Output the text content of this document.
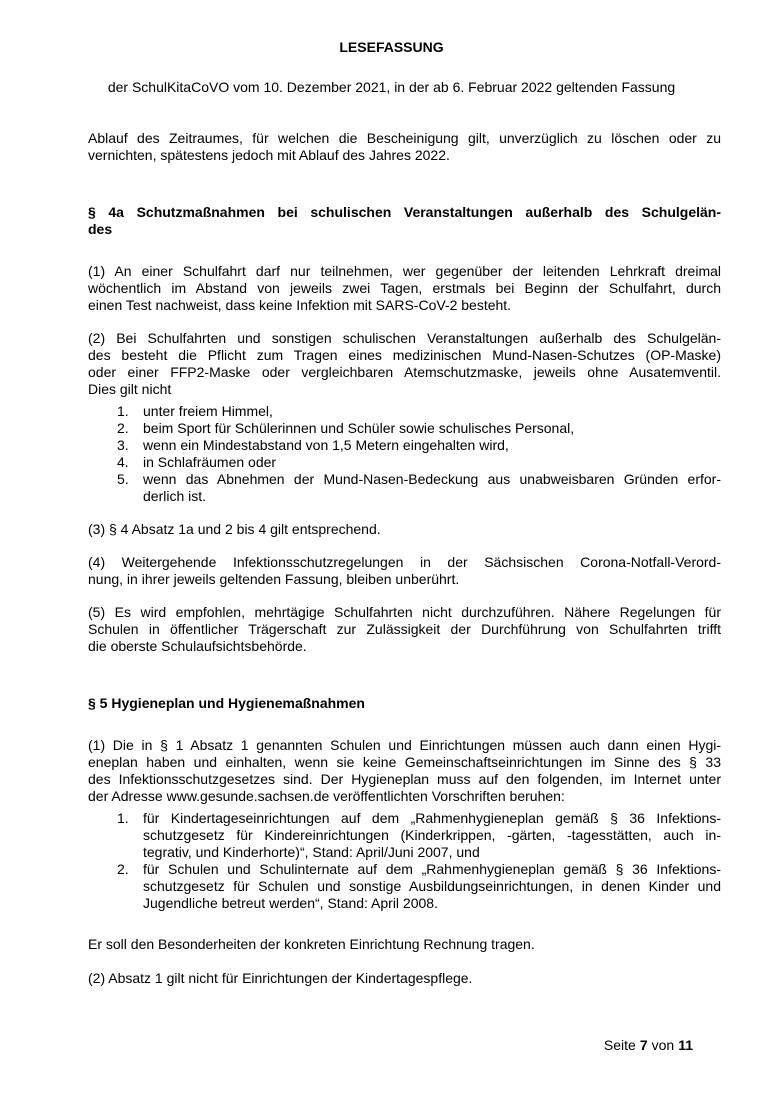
LESEFASSUNG
der SchulKitaCoVO vom 10. Dezember 2021, in der ab 6. Februar 2022 geltenden Fassung
Ablauf des Zeitraumes, für welchen die Bescheinigung gilt, unverzüglich zu löschen oder zu
vernichten, spätestens jedoch mit Ablauf des Jahres 2022.
§ 4a Schutzmaßnahmen bei schulischen Veranstaltungen außerhalb des Schulgelän-
des
(1) An einer Schulfahrt darf nur teilnehmen, wer gegenüber der leitenden Lehrkraft dreimal
wöchentlich im Abstand von jeweils zwei Tagen, erstmals bei Beginn der Schulfahrt, durch
einen Test nachweist, dass keine Infektion mit SARS-CoV-2 besteht.
(2) Bei Schulfahrten und sonstigen schulischen Veranstaltungen außerhalb des Schulgelän-
des besteht die Pflicht zum Tragen eines medizinischen Mund-Nasen-Schutzes (OP-Maske)
oder einer FFP2-Maske oder vergleichbaren Atemschutzmaske, jeweils ohne Ausatemventil.
Dies gilt nicht
1. unter freiem Himmel,
2. beim Sport für Schülerinnen und Schüler sowie schulisches Personal,
3. wenn ein Mindestabstand von 1,5 Metern eingehalten wird,
4. in Schlafräumen oder
5. wenn das Abnehmen der Mund-Nasen-Bedeckung aus unabweisbaren Gründen erfor-
derlich ist.
(3) § 4 Absatz 1a und 2 bis 4 gilt entsprechend.
(4) Weitergehende Infektionsschutzregelungen in der Sächsischen Corona-Notfall-Verord-
nung, in ihrer jeweils geltenden Fassung, bleiben unberührt.
(5) Es wird empfohlen, mehrtägige Schulfahrten nicht durchzuführen. Nähere Regelungen für
Schulen in öffentlicher Trägerschaft zur Zulässigkeit der Durchführung von Schulfahrten trifft
die oberste Schulaufsichtsbehörde.
§ 5 Hygieneplan und Hygienemaßnahmen
(1) Die in § 1 Absatz 1 genannten Schulen und Einrichtungen müssen auch dann einen Hygi-
eneplan haben und einhalten, wenn sie keine Gemeinschaftseinrichtungen im Sinne des § 33
des Infektionsschutzgesetzes sind. Der Hygieneplan muss auf den folgenden, im Internet unter
der Adresse www.gesunde.sachsen.de veröffentlichten Vorschriften beruhen:
1. für Kindertageseinrichtungen auf dem „Rahmenhygieneplan gemäß § 36 Infektions-
schutzgesetz für Kindereinrichtungen (Kinderkrippen, -gärten, -tagesstätten, auch in-
tegrativ, und Kinderhorte)“, Stand: April/Juni 2007, und
2. für Schulen und Schulinternate auf dem „Rahmenhygieneplan gemäß § 36 Infektions-
schutzgesetz für Schulen und sonstige Ausbildungseinrichtungen, in denen Kinder und
Jugendliche betreut werden“, Stand: April 2008.
Er soll den Besonderheiten der konkreten Einrichtung Rechnung tragen.
(2) Absatz 1 gilt nicht für Einrichtungen der Kindertagespflege.
Seite 7 von 11
